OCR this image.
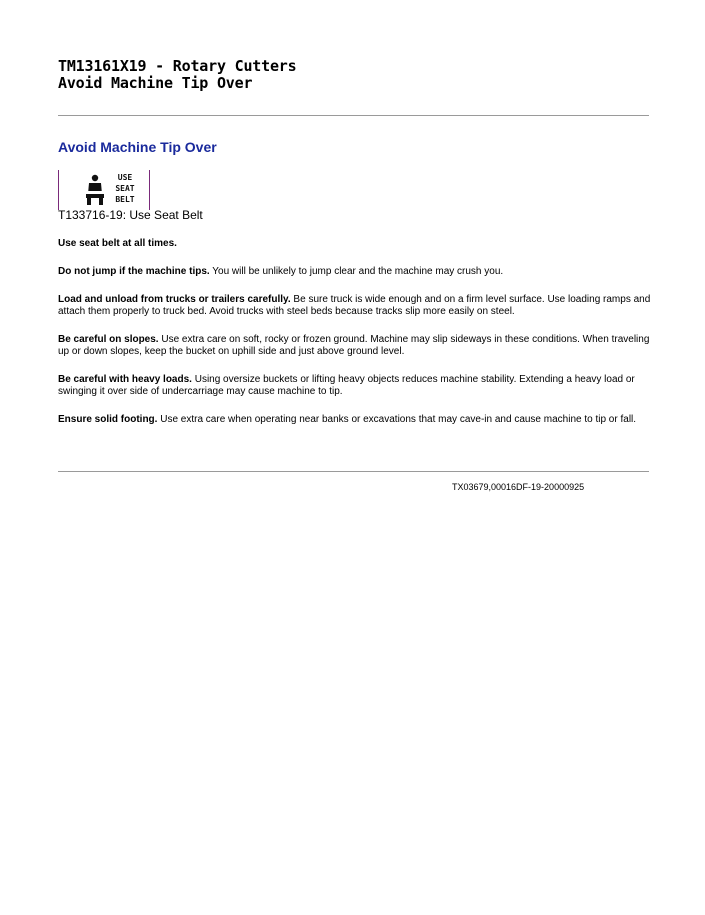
TM13161X19 - Rotary Cutters
Avoid Machine Tip Over
Avoid Machine Tip Over
USE
SEAT
BELT
T133716-19: Use Seat Belt
Use seat belt at all times.
Do not jump if the machine tips. You will be unlikely to jump clear and the machine may crush you.
Load and unload from trucks or trailers carefully. Be sure truck is wide enough and on a firm level surface. Use loading ramps and attach them properly to truck bed. Avoid trucks with steel beds because tracks slip more easily on steel.
Be careful on slopes. Use extra care on soft, rocky or frozen ground. Machine may slip sideways in these conditions. When traveling up or down slopes, keep the bucket on uphill side and just above ground level.
Be careful with heavy loads. Using oversize buckets or lifting heavy objects reduces machine stability. Extending a heavy load or swinging it over side of undercarriage may cause machine to tip.
Ensure solid footing. Use extra care when operating near banks or excavations that may cave-in and cause machine to tip or fall.
TX03679,00016DF-19-20000925
